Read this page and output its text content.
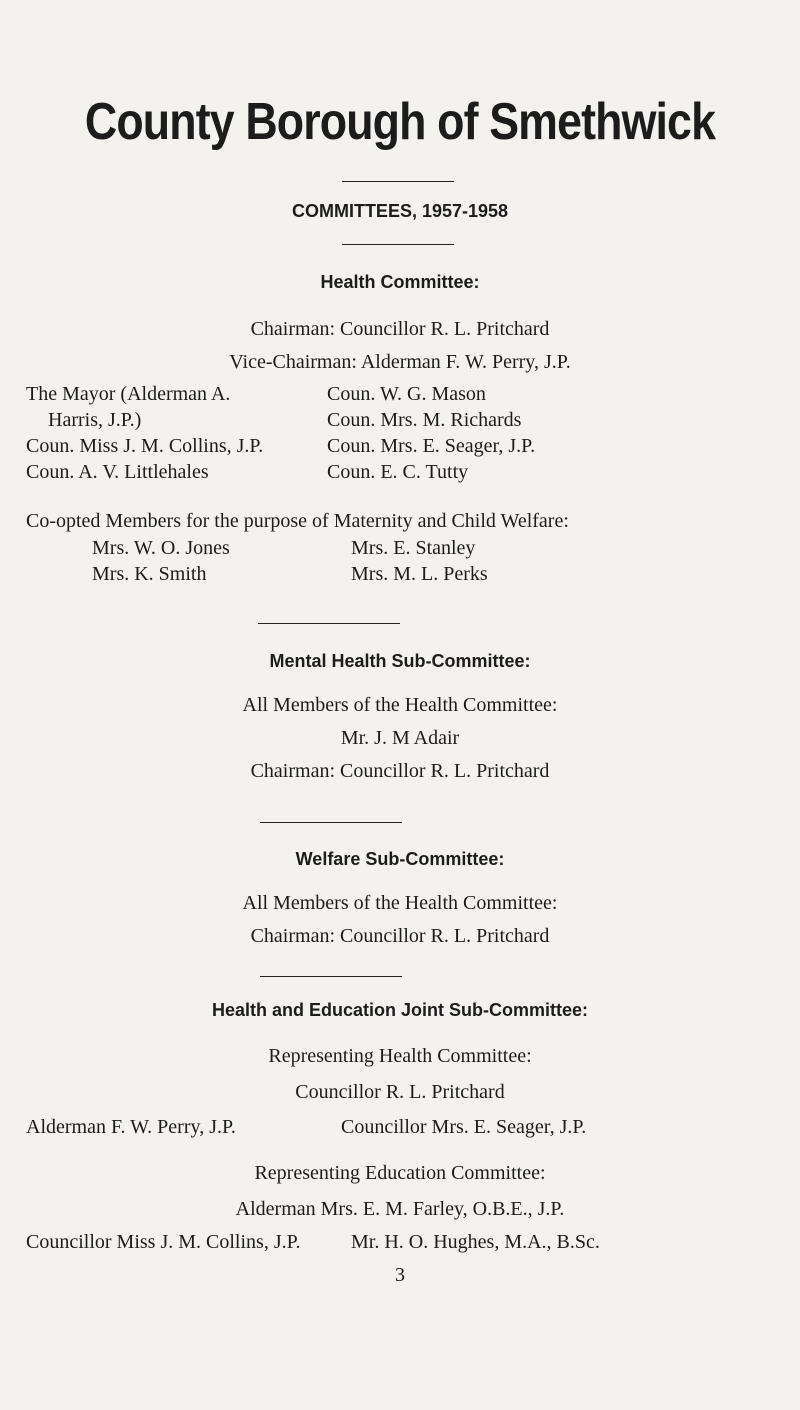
County Borough of Smethwick
COMMITTEES, 1957-1958
Health Committee:
Chairman: Councillor R. L. Pritchard
Vice-Chairman: Alderman F. W. Perry, J.P.
The Mayor (Alderman A.
Harris, J.P.)
Coun. Miss J. M. Collins, J.P.
Coun. A. V. Littlehales
Coun. W. G. Mason
Coun. Mrs. M. Richards
Coun. Mrs. E. Seager, J.P.
Coun. E. C. Tutty
Co-opted Members for the purpose of Maternity and Child Welfare:
Mrs. W. O. Jones
Mrs. K. Smith
Mrs. E. Stanley
Mrs. M. L. Perks
Mental Health Sub-Committee:
All Members of the Health Committee:
Mr. J. M Adair
Chairman: Councillor R. L. Pritchard
Welfare Sub-Committee:
All Members of the Health Committee:
Chairman: Councillor R. L. Pritchard
Health and Education Joint Sub-Committee:
Representing Health Committee:
Councillor R. L. Pritchard
Alderman F. W. Perry, J.P.	Councillor Mrs. E. Seager, J.P.
Representing Education Committee:
Alderman Mrs. E. M. Farley, O.B.E., J.P.
Councillor Miss J. M. Collins, J.P.	Mr. H. O. Hughes, M.A., B.Sc.
3
